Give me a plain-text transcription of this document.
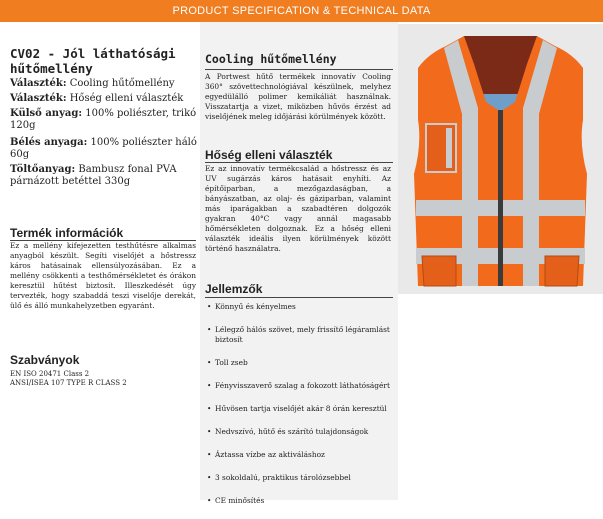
PRODUCT SPECIFICATION & TECHNICAL DATA
CV02 - Jól láthatósági
hűtőmellény

Választék: Cooling hűtőmellény

Választék: Hőség elleni választék

Külső anyag: 100% poliészter, trikó 120g

Bélés anyaga: 100% poliészter háló 60g

Töltőanyag: Bambusz fonal PVA párnázott betéttel 330g

Termék információk

Ez a mellény kifejezetten testhűtésre alkalmas anyagból készült. Segíti viselőjét a hőstressz káros hatásainak ellensúlyozásában. Ez a mellény csökkenti a testhőmérsékletet és órákon keresztül hűtést biztosít. Illeszkedését úgy tervezték, hogy szabaddá teszi viselője derekát, ülő és álló munkahelyzetben egyaránt.

Szabványok
EN ISO 20471 Class 2
ANSI/ISEA 107 TYPE R CLASS 2
Cooling hűtőmellény

A Portwest hűtő termékek innovatív Cooling 360° szövettechnológiával készülnek, melyhez egyedülálló polimer kemikáliát használnak. Visszatartja a vizet, miközben hűvös érzést ad viselőjének meleg időjárási körülmények között.

Hőség elleni választék

Ez az innovatív termékcsalád a hőstressz és az UV sugárzás káros hatásait enyhíti. Az építőiparban, a mezőgazdaságban, a bányászatban, az olaj- és gáziparban, valamint más iparágakban a szabadtéren dolgozók gyakran 40°C vagy annál magasabb hőmérsékleten dolgoznak. Ez a hőség elleni választék ideális ilyen körülmények között történő használatra.

Jellemzők
• Könnyű és kényelmes
• Lélegző hálós szövet, mely frissítő légáramlást biztosít
• Toll zseb
• Fényvisszaverő szalag a fokozott láthatóságért
• Hűvösen tartja viselőjét akár 8 órán keresztül
• Nedvszívó, hűtő és szárító tulajdonságok
• Áztassa vízbe az aktiváláshoz
• 3 sokoldalú, praktikus tárolózsebbel
• CE minősítés
